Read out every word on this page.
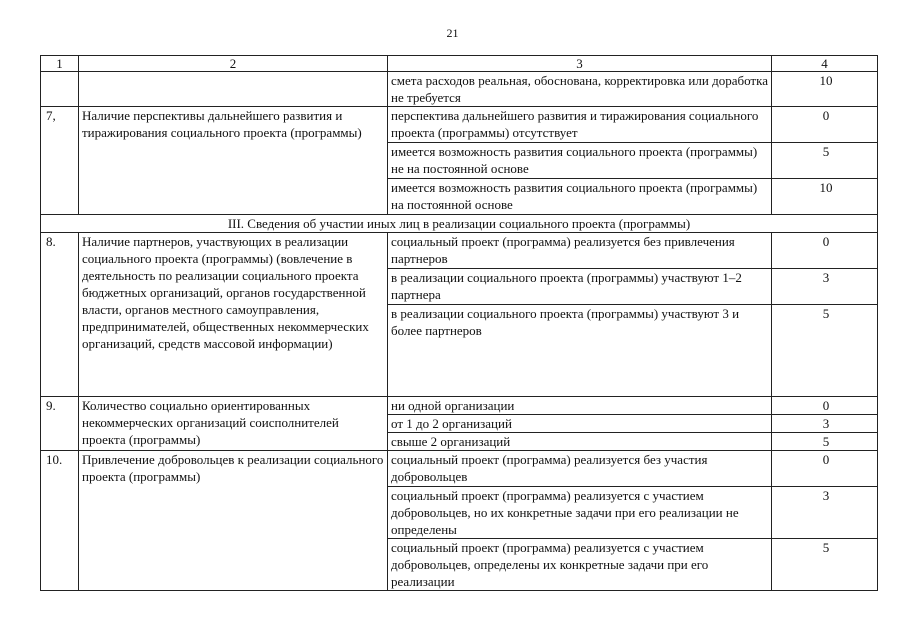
21
1	2	3	4
		смета расходов реальная, обоснована, корректировка или доработка не требуется	10
7,	Наличие перспективы дальнейшего развития и тиражирования социального проекта (программы)	перспектива дальнейшего развития и тиражирования социального проекта (программы) отсутствует	0
		имеется возможность развития социального проекта (программы) не на постоянной основе	5
		имеется возможность развития социального проекта (программы) на постоянной основе	10
III. Сведения об участии иных лиц в реализации социального проекта (программы)			
8.	Наличие партнеров, участвующих в реализации социального проекта (программы) (вовлечение в деятельность по реализации социального проекта бюджетных организаций, органов государственной власти, органов местного самоуправления, предпринимателей, общественных некоммерческих организаций, средств массовой информации)	социальный проект (программа) реализуется без привлечения партнеров	0
		в реализации социального проекта (программы) участвуют 1–2 партнера	3
		в реализации социального проекта (программы) участвуют 3 и более партнеров	5
9.	Количество социально ориентированных некоммерческих организаций соисполнителей проекта (программы)	ни одной организации	0
		от 1 до 2 организаций	3
		свыше 2 организаций	5
10.	Привлечение добровольцев к реализации социального проекта (программы)	социальный проект (программа) реализуется без участия добровольцев	0
		социальный проект (программа) реализуется с участием добровольцев, но их конкретные задачи при его реализации не определены	3
		социальный проект (программа) реализуется с участием добровольцев, определены их конкретные задачи при его реализации	5
